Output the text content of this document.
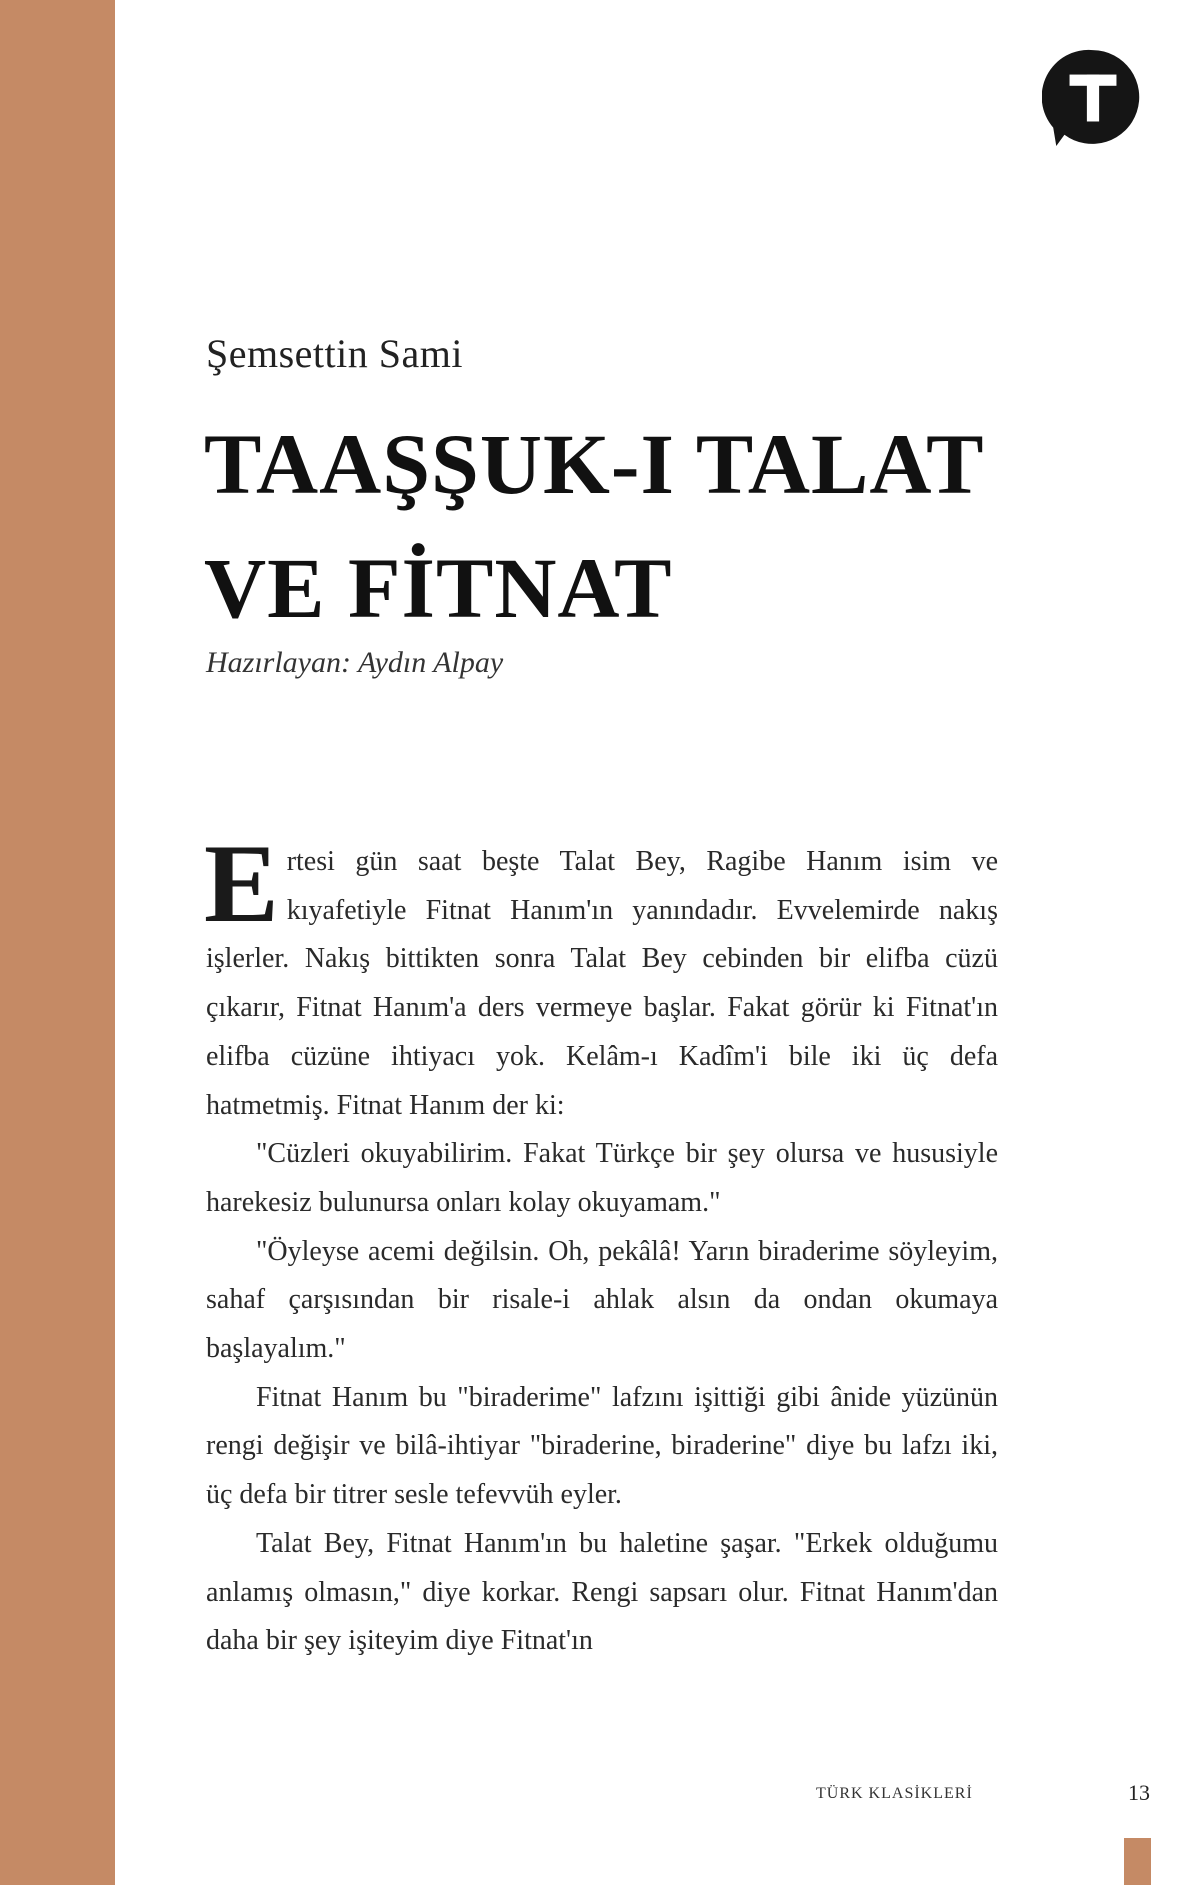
Şemsettin Sami
TAAŞŞUK-I TALAT VE FİTNAT
Hazırlayan: Aydın Alpay

Ertesi gün saat beşte Talat Bey, Ragibe Hanım isim ve kıyafetiyle Fitnat Hanım'ın yanındadır. Evvelemirde nakış işlerler. Nakış bittikten sonra Talat Bey cebinden bir elifba cüzü çıkarır, Fitnat Hanım'a ders vermeye başlar. Fakat görür ki Fitnat'ın elifba cüzüne ihtiyacı yok. Kelâm-ı Kadîm'i bile iki üç defa hatmetmiş. Fitnat Hanım der ki:

"Cüzleri okuyabilirim. Fakat Türkçe bir şey olursa ve hususiyle harekesiz bulunursa onları kolay okuyamam."

"Öyleyse acemi değilsin. Oh, pekâlâ! Yarın biraderime söyleyim, sahaf çarşısından bir risale-i ahlak alsın da ondan okumaya başlayalım."

Fitnat Hanım bu "biraderime" lafzını işittiği gibi ânide yüzünün rengi değişir ve bilâ-ihtiyar "biraderine, biraderine" diye bu lafzı iki, üç defa bir titrer sesle tefevvüh eyler.

Talat Bey, Fitnat Hanım'ın bu haletine şaşar. "Erkek olduğumu anlamış olmasın," diye korkar. Rengi sapsarı olur. Fitnat Hanım'dan daha bir şey işiteyim diye Fitnat'ın

TÜRK KLASİKLERİ	13
